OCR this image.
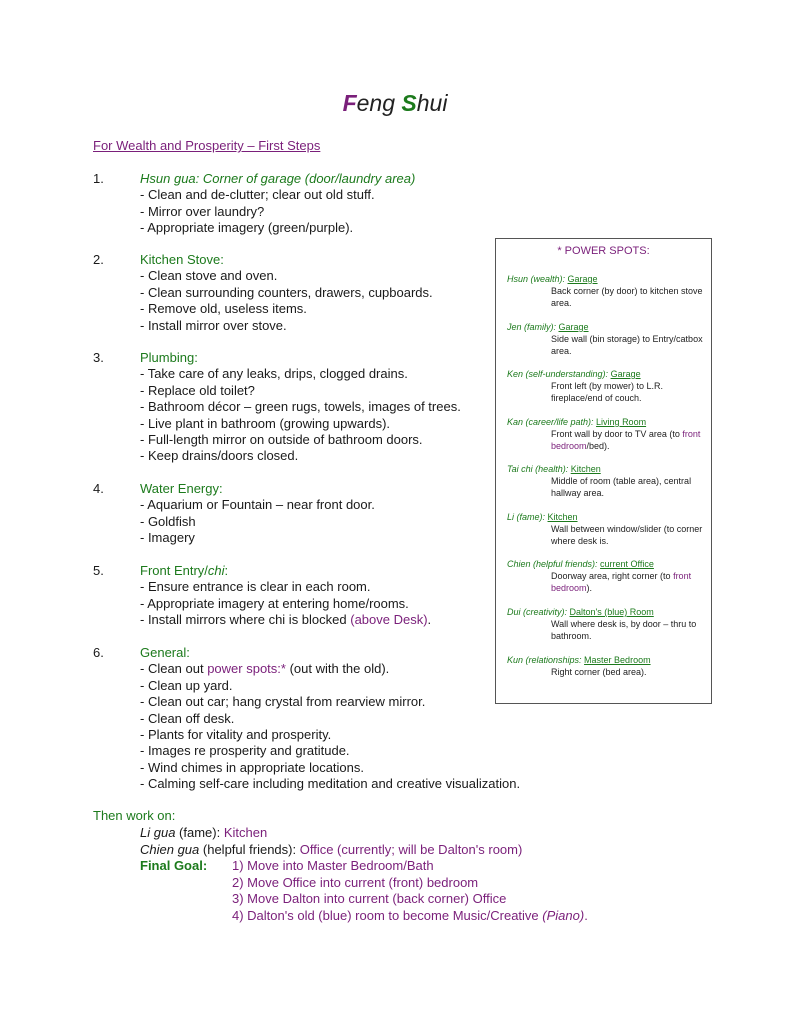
Feng Shui
For Wealth and Prosperity – First Steps
1.	Hsun gua: Corner of garage (door/laundry area)
- Clean and de-clutter; clear out old stuff.
- Mirror over laundry?
- Appropriate imagery (green/purple).
2.	Kitchen Stove:
- Clean stove and oven.
- Clean surrounding counters, drawers, cupboards.
- Remove old, useless items.
- Install mirror over stove.
3.	Plumbing:
- Take care of any leaks, drips, clogged drains.
- Replace old toilet?
- Bathroom décor – green rugs, towels, images of trees.
- Live plant in bathroom (growing upwards).
- Full-length mirror on outside of bathroom doors.
- Keep drains/doors closed.
4.	Water Energy:
- Aquarium or Fountain – near front door.
- Goldfish
- Imagery
5.	Front Entry/chi:
- Ensure entrance is clear in each room.
- Appropriate imagery at entering home/rooms.
- Install mirrors where chi is blocked (above Desk).
6.	General:
- Clean out power spots:* (out with the old).
- Clean up yard.
- Clean out car; hang crystal from rearview mirror.
- Clean off desk.
- Plants for vitality and prosperity.
- Images re prosperity and gratitude.
- Wind chimes in appropriate locations.
- Calming self-care including meditation and creative visualization.
* POWER SPOTS:
Hsun (wealth): Garage
Back corner (by door) to kitchen stove area.
Jen (family): Garage
Side wall (bin storage) to Entry/catbox area.
Ken (self-understanding): Garage
Front left (by mower) to L.R. fireplace/end of couch.
Kan (career/life path): Living Room
Front wall by door to TV area (to front bedroom/bed).
Tai chi (health): Kitchen
Middle of room (table area), central hallway area.
Li (fame): Kitchen
Wall between window/slider (to corner where desk is.
Chien (helpful friends): current Office
Doorway area, right corner (to front bedroom).
Dui (creativity): Dalton's (blue) Room
Wall where desk is, by door – thru to bathroom.
Kun (relationships: Master Bedroom
Right corner (bed area).
Then work on:
Li gua (fame): Kitchen
Chien gua (helpful friends): Office (currently; will be Dalton's room)
Final Goal: 1) Move into Master Bedroom/Bath
2) Move Office into current (front) bedroom
3) Move Dalton into current (back corner) Office
4) Dalton's old (blue) room to become Music/Creative (Piano).
